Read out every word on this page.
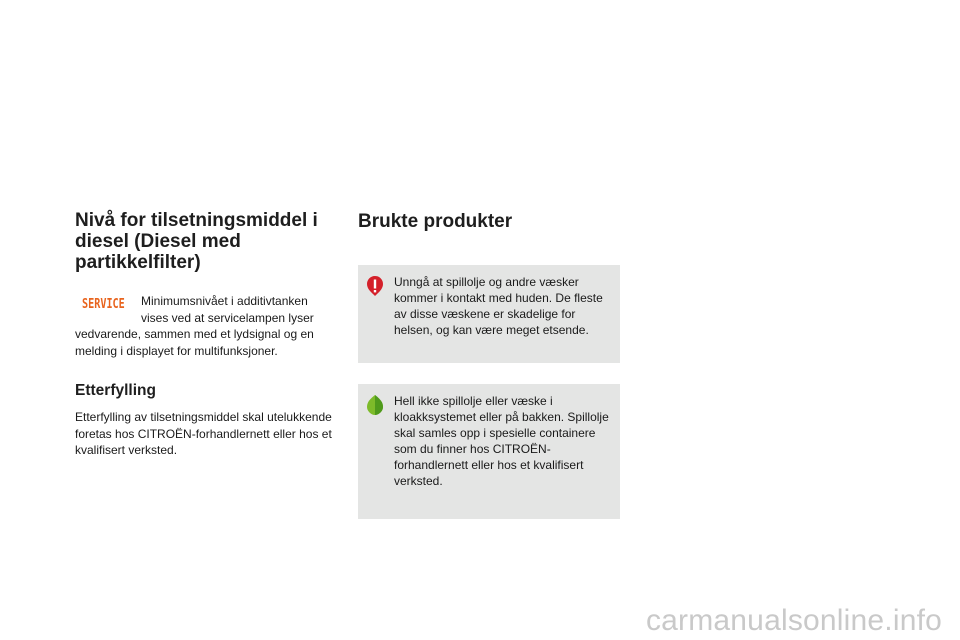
Nivå for tilsetningsmiddel i diesel (Diesel med partikkelfilter)
SERVICE	Minimumsnivået i additivtanken vises ved at servicelampen lyser vedvarende, sammen med et lydsignal og en melding i displayet for multifunksjoner.
Etterfylling
Etterfylling av tilsetningsmiddel skal utelukkende foretas hos CITROËN-forhandlernett eller hos et kvalifisert verksted.
Brukte produkter
Unngå at spillolje og andre væsker kommer i kontakt med huden. De fleste av disse væskene er skadelige for helsen, og kan være meget etsende.
Hell ikke spillolje eller væske i kloakksystemet eller på bakken. Spillolje skal samles opp i spesielle containere som du finner hos CITROËN-forhandlernett eller hos et kvalifisert verksted.
carmanualsonline.info
